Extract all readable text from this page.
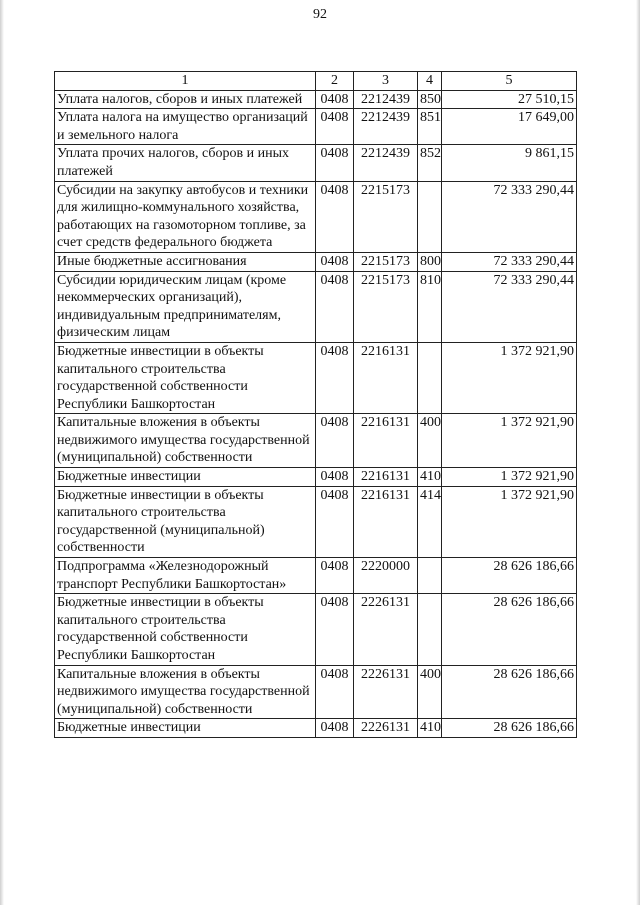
92
1	2	3	4	5
Уплата налогов, сборов и иных платежей	0408	2212439	850	27 510,15
Уплата налога на имущество организаций и земельного налога	0408	2212439	851	17 649,00
Уплата прочих налогов, сборов и иных платежей	0408	2212439	852	9 861,15
Субсидии на закупку автобусов и техники для жилищно-коммунального хозяйства, работающих на газомоторном топливе, за счет средств федерального бюджета	0408	2215173		72 333 290,44
Иные бюджетные ассигнования	0408	2215173	800	72 333 290,44
Субсидии юридическим лицам (кроме некоммерческих организаций), индивидуальным предпринимателям, физическим лицам	0408	2215173	810	72 333 290,44
Бюджетные инвестиции в объекты капитального строительства государственной собственности Республики Башкортостан	0408	2216131		1 372 921,90
Капитальные вложения в объекты недвижимого имущества государственной (муниципальной) собственности	0408	2216131	400	1 372 921,90
Бюджетные инвестиции	0408	2216131	410	1 372 921,90
Бюджетные инвестиции в объекты капитального строительства государственной (муниципальной) собственности	0408	2216131	414	1 372 921,90
Подпрограмма «Железнодорожный транспорт Республики Башкортостан»	0408	2220000		28 626 186,66
Бюджетные инвестиции в объекты капитального строительства государственной собственности Республики Башкортостан	0408	2226131		28 626 186,66
Капитальные вложения в объекты недвижимого имущества государственной (муниципальной) собственности	0408	2226131	400	28 626 186,66
Бюджетные инвестиции	0408	2226131	410	28 626 186,66
